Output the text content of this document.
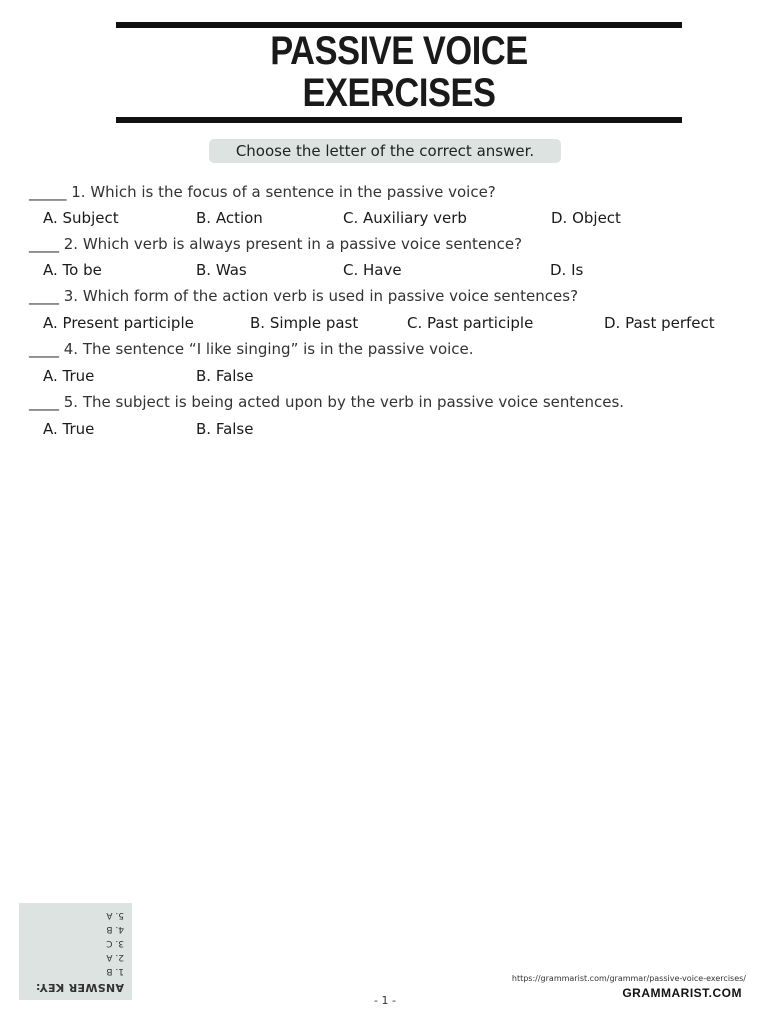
PASSIVE VOICE
EXERCISES
Choose the letter of the correct answer.
_____ 1. Which is the focus of a sentence in the passive voice?
A. Subject	B. Action	C. Auxiliary verb	D. Object
____ 2. Which verb is always present in a passive voice sentence?
A. To be	B. Was	C. Have	D. Is
____ 3. Which form of the action verb is used in passive voice sentences?
A. Present participle	B. Simple past	C. Past participle	D. Past perfect
____ 4. The sentence “I like singing” is in the passive voice.
A. True	B. False
____ 5. The subject is being acted upon by the verb in passive voice sentences.
A. True	B. False
ANSWER KEY:
1. B
2. A
3. C
4. B
5. A
https://grammarist.com/grammar/passive-voice-exercises/
GRAMMARIST.COM
- 1 -
